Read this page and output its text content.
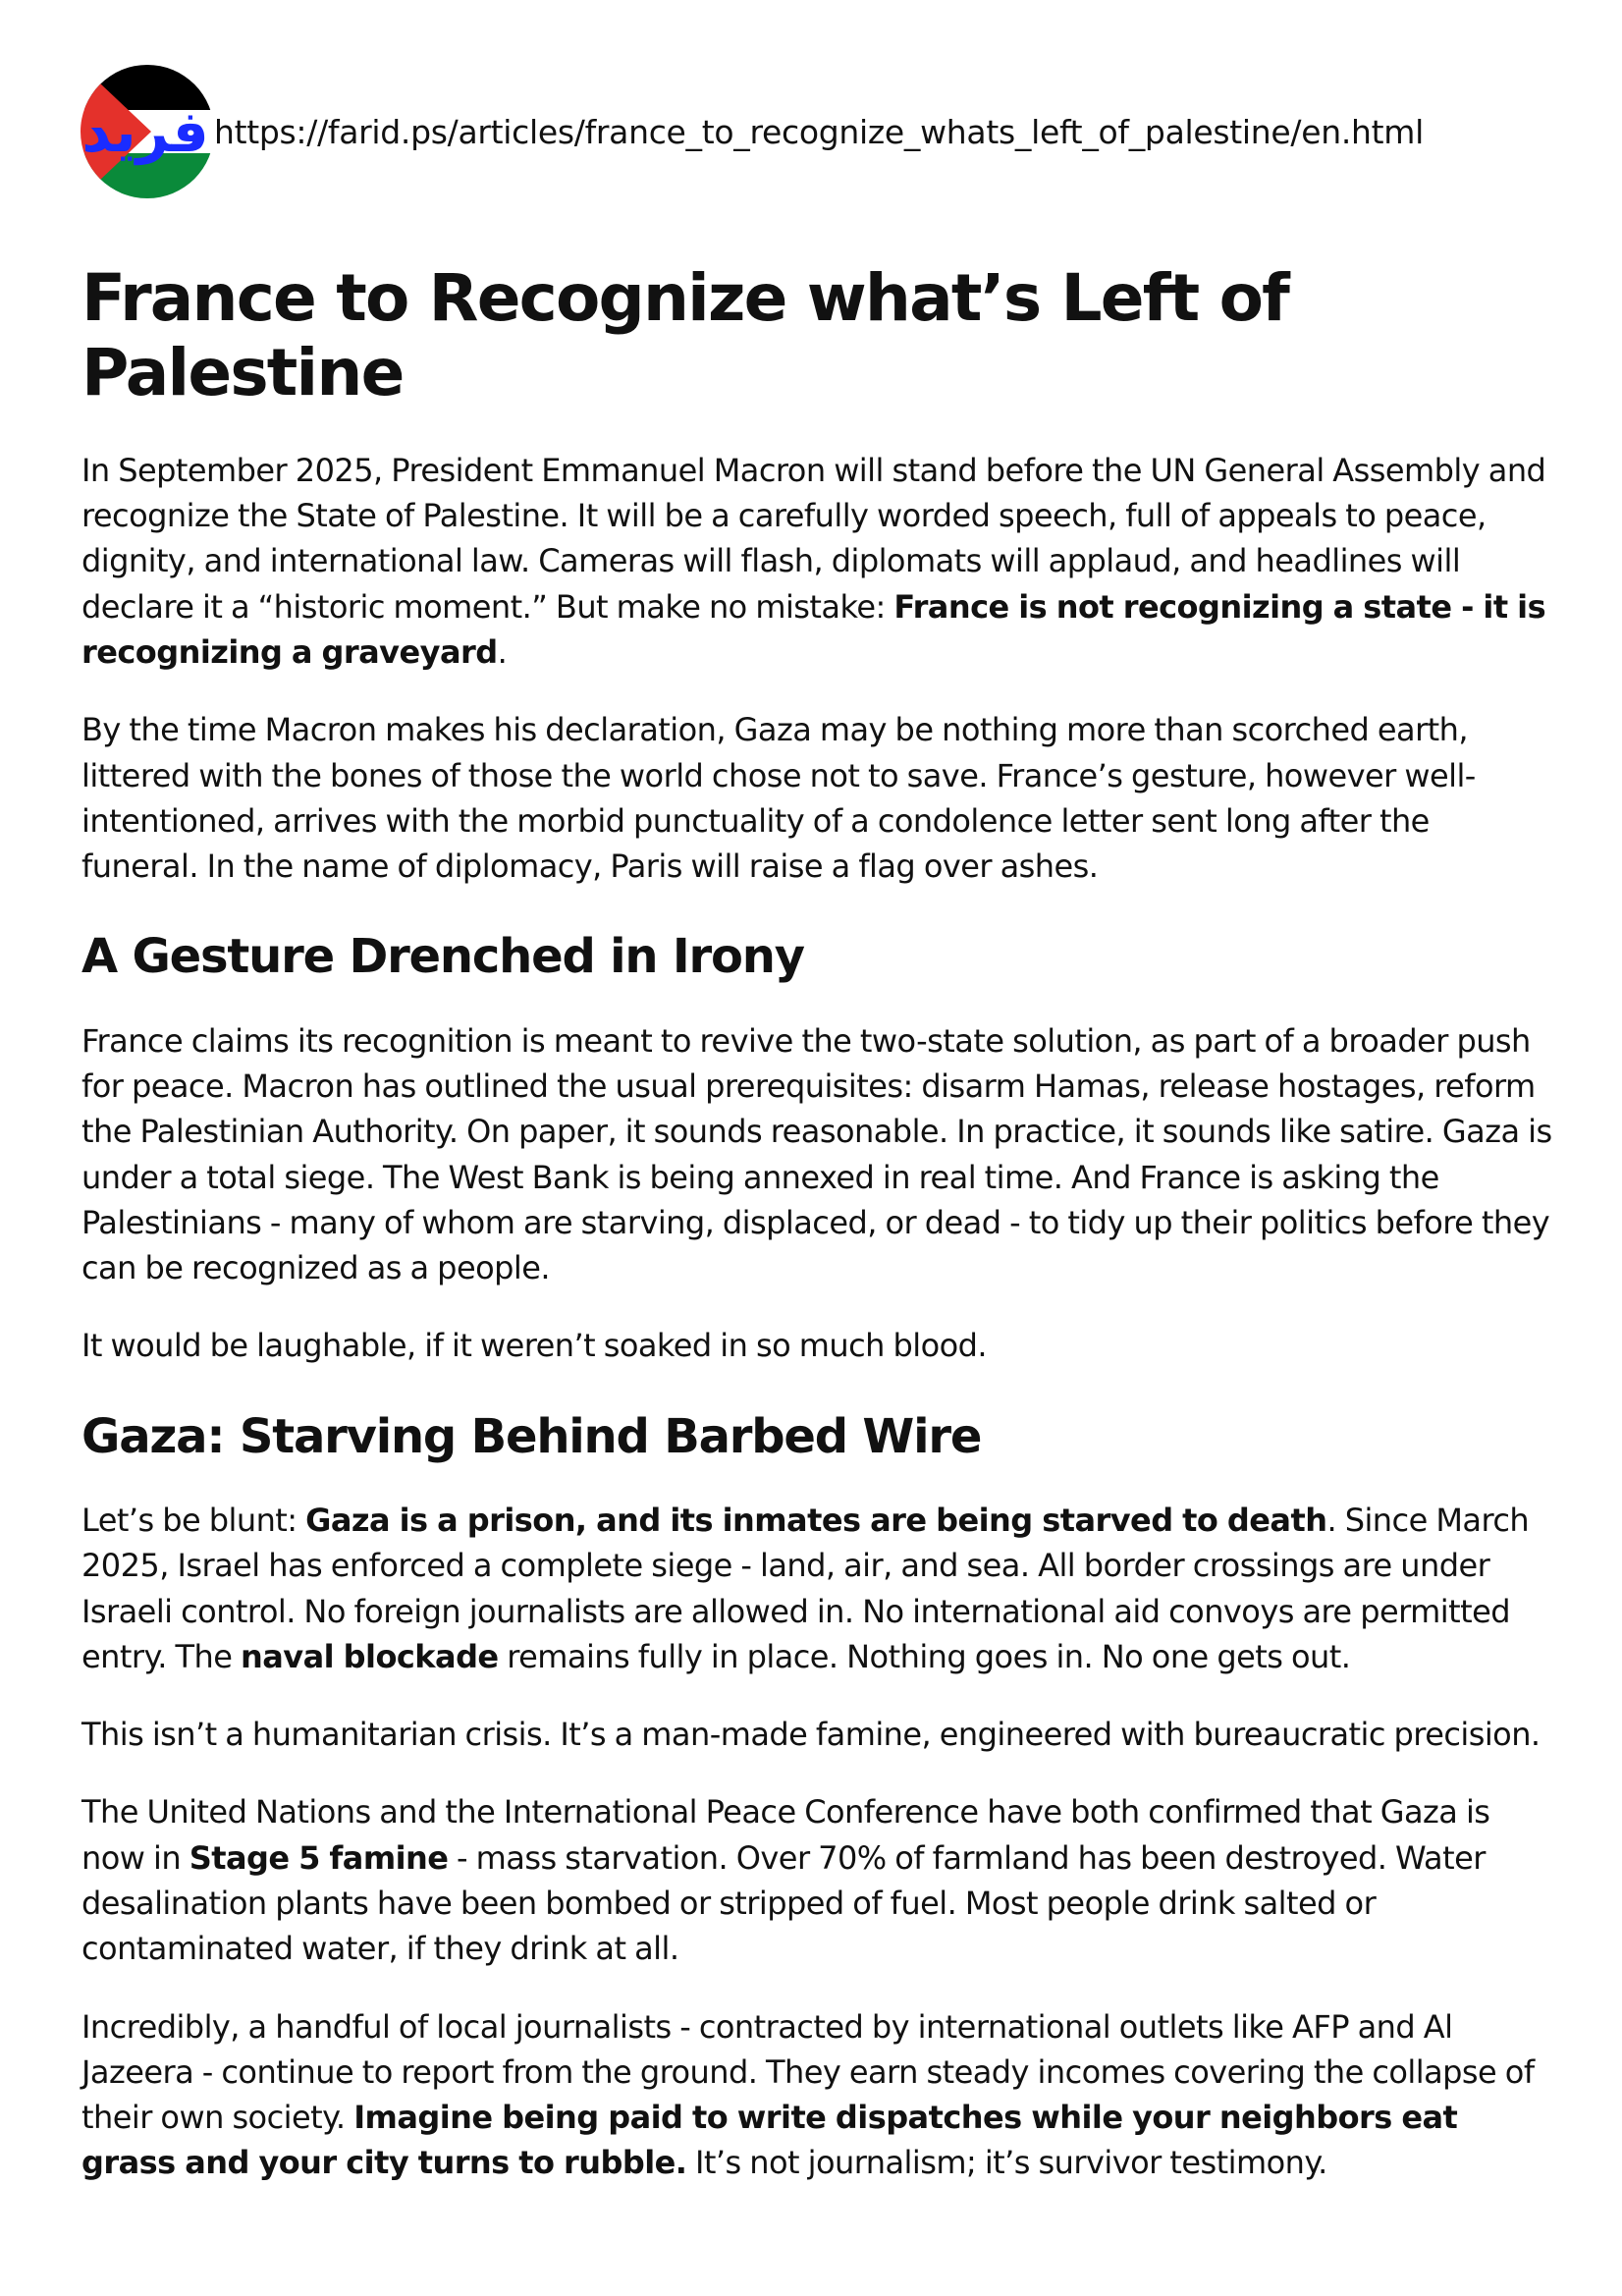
فريد https://farid.ps/articles/france_to_recognize_whats_left_of_palestine/en.html
France to Recognize what’s Left of Palestine

In September 2025, President Emmanuel Macron will stand before the UN General Assembly and recognize the State of Palestine. It will be a carefully worded speech, full of appeals to peace, dignity, and international law. Cameras will flash, diplomats will applaud, and headlines will declare it a “historic moment.” But make no mistake: France is not recognizing a state - it is recognizing a graveyard.

By the time Macron makes his declaration, Gaza may be nothing more than scorched earth, littered with the bones of those the world chose not to save. France’s gesture, however well-intentioned, arrives with the morbid punctuality of a condolence letter sent long after the funeral. In the name of diplomacy, Paris will raise a flag over ashes.

A Gesture Drenched in Irony

France claims its recognition is meant to revive the two-state solution, as part of a broader push for peace. Macron has outlined the usual prerequisites: disarm Hamas, release hostages, reform the Palestinian Authority. On paper, it sounds reasonable. In practice, it sounds like satire. Gaza is under a total siege. The West Bank is being annexed in real time. And France is asking the Palestinians - many of whom are starving, displaced, or dead - to tidy up their politics before they can be recognized as a people.

It would be laughable, if it weren’t soaked in so much blood.

Gaza: Starving Behind Barbed Wire

Let’s be blunt: Gaza is a prison, and its inmates are being starved to death. Since March 2025, Israel has enforced a complete siege - land, air, and sea. All border crossings are under Israeli control. No foreign journalists are allowed in. No international aid convoys are permitted entry. The naval blockade remains fully in place. Nothing goes in. No one gets out.

This isn’t a humanitarian crisis. It’s a man-made famine, engineered with bureaucratic precision.

The United Nations and the International Peace Conference have both confirmed that Gaza is now in Stage 5 famine - mass starvation. Over 70% of farmland has been destroyed. Water desalination plants have been bombed or stripped of fuel. Most people drink salted or contaminated water, if they drink at all.

Incredibly, a handful of local journalists - contracted by international outlets like AFP and Al Jazeera - continue to report from the ground. They earn steady incomes covering the collapse of their own society. Imagine being paid to write dispatches while your neighbors eat grass and your city turns to rubble. It’s not journalism; it’s survivor testimony.
